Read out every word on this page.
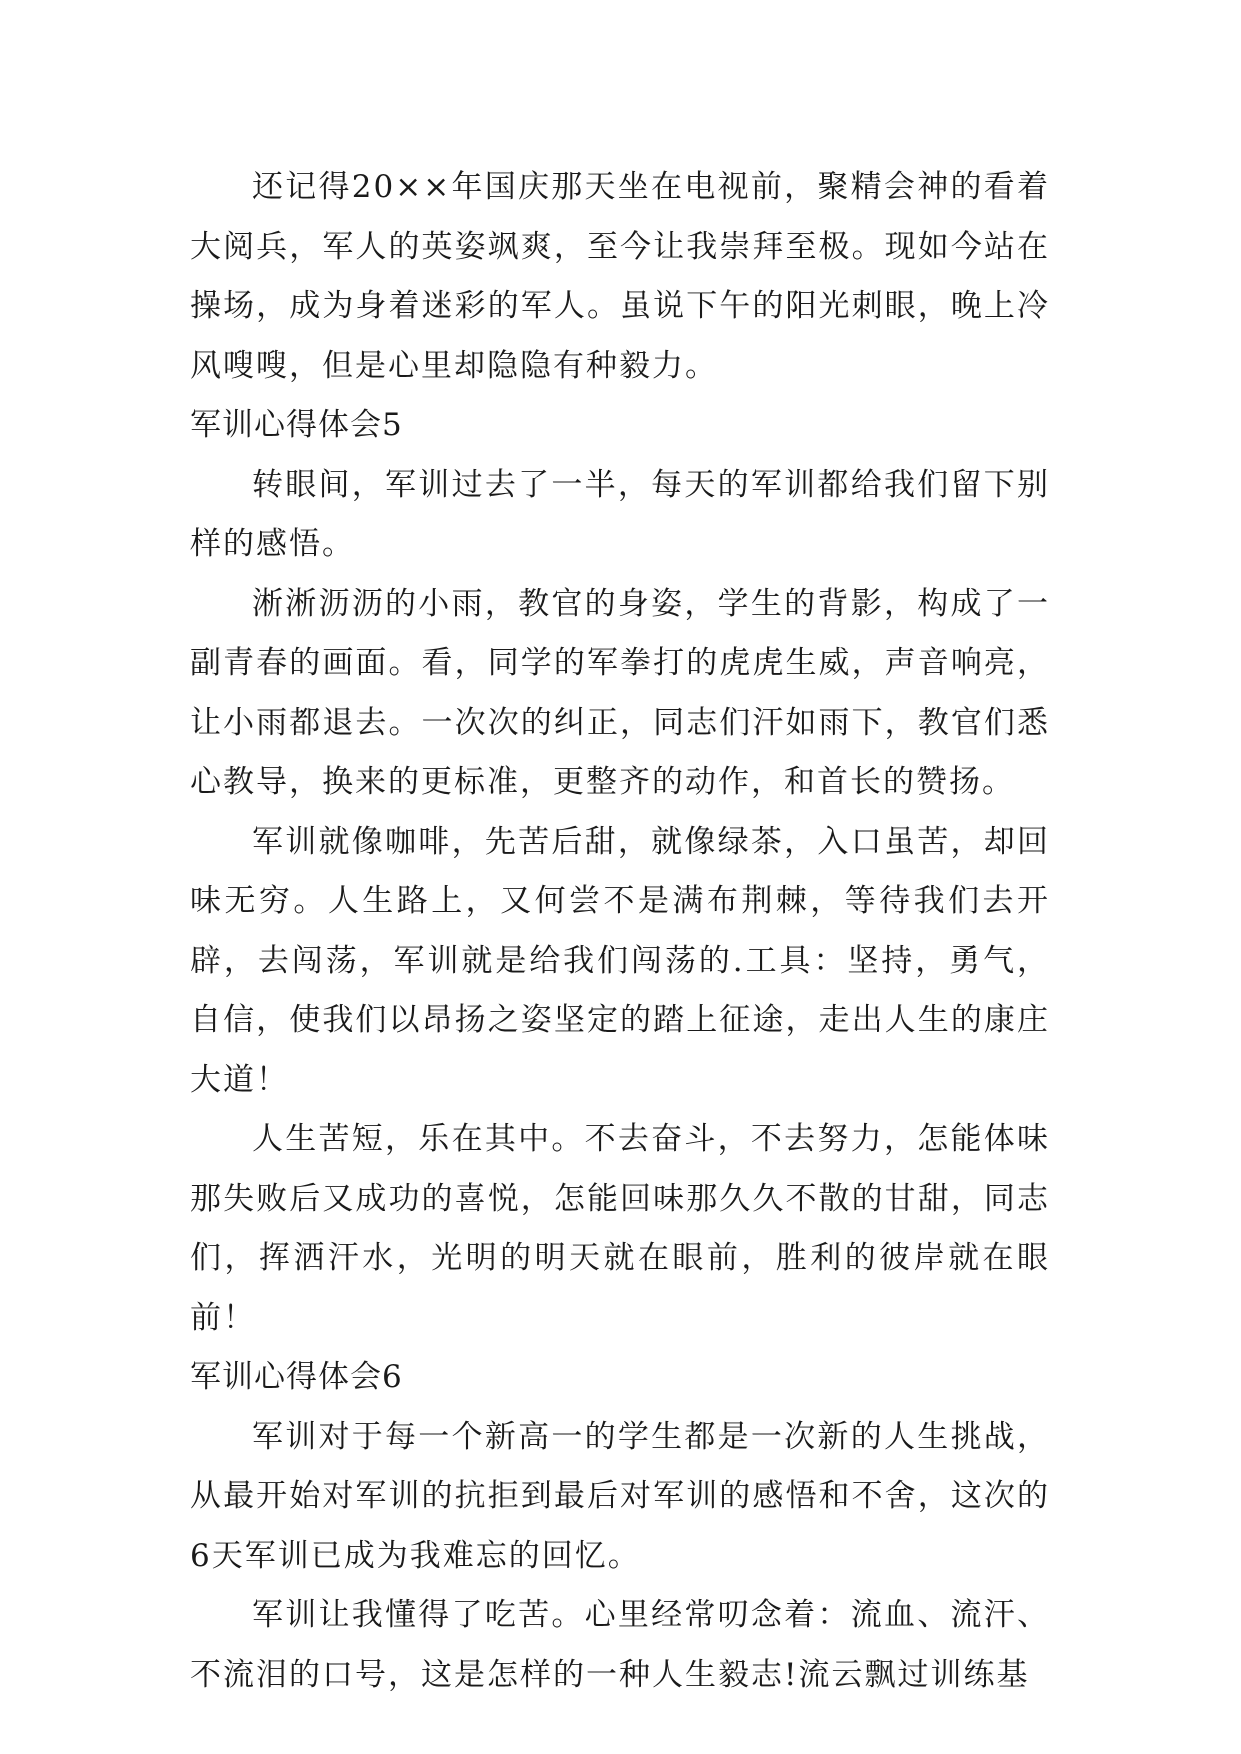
还记得20××年国庆那天坐在电视前，聚精会神的看着大阅兵，军人的英姿飒爽，至今让我崇拜至极。现如今站在操场，成为身着迷彩的军人。虽说下午的阳光刺眼，晚上冷风嗖嗖，但是心里却隐隐有种毅力。

军训心得体会5

转眼间，军训过去了一半，每天的军训都给我们留下别样的感悟。

淅淅沥沥的小雨，教官的身姿，学生的背影，构成了一副青春的画面。看，同学的军拳打的虎虎生威，声音响亮，让小雨都退去。一次次的纠正，同志们汗如雨下，教官们悉心教导，换来的更标准，更整齐的动作，和首长的赞扬。

军训就像咖啡，先苦后甜，就像绿茶，入口虽苦，却回味无穷。人生路上，又何尝不是满布荆棘，等待我们去开辟，去闯荡，军训就是给我们闯荡的.工具：坚持，勇气，自信，使我们以昂扬之姿坚定的踏上征途，走出人生的康庄大道！

人生苦短，乐在其中。不去奋斗，不去努力，怎能体味那失败后又成功的喜悦，怎能回味那久久不散的甘甜，同志们，挥洒汗水，光明的明天就在眼前，胜利的彼岸就在眼前！

军训心得体会6

军训对于每一个新高一的学生都是一次新的人生挑战，从最开始对军训的抗拒到最后对军训的感悟和不舍，这次的6天军训已成为我难忘的回忆。

军训让我懂得了吃苦。心里经常叨念着：流血、流汗、不流泪的口号，这是怎样的一种人生毅志!流云飘过训练基
